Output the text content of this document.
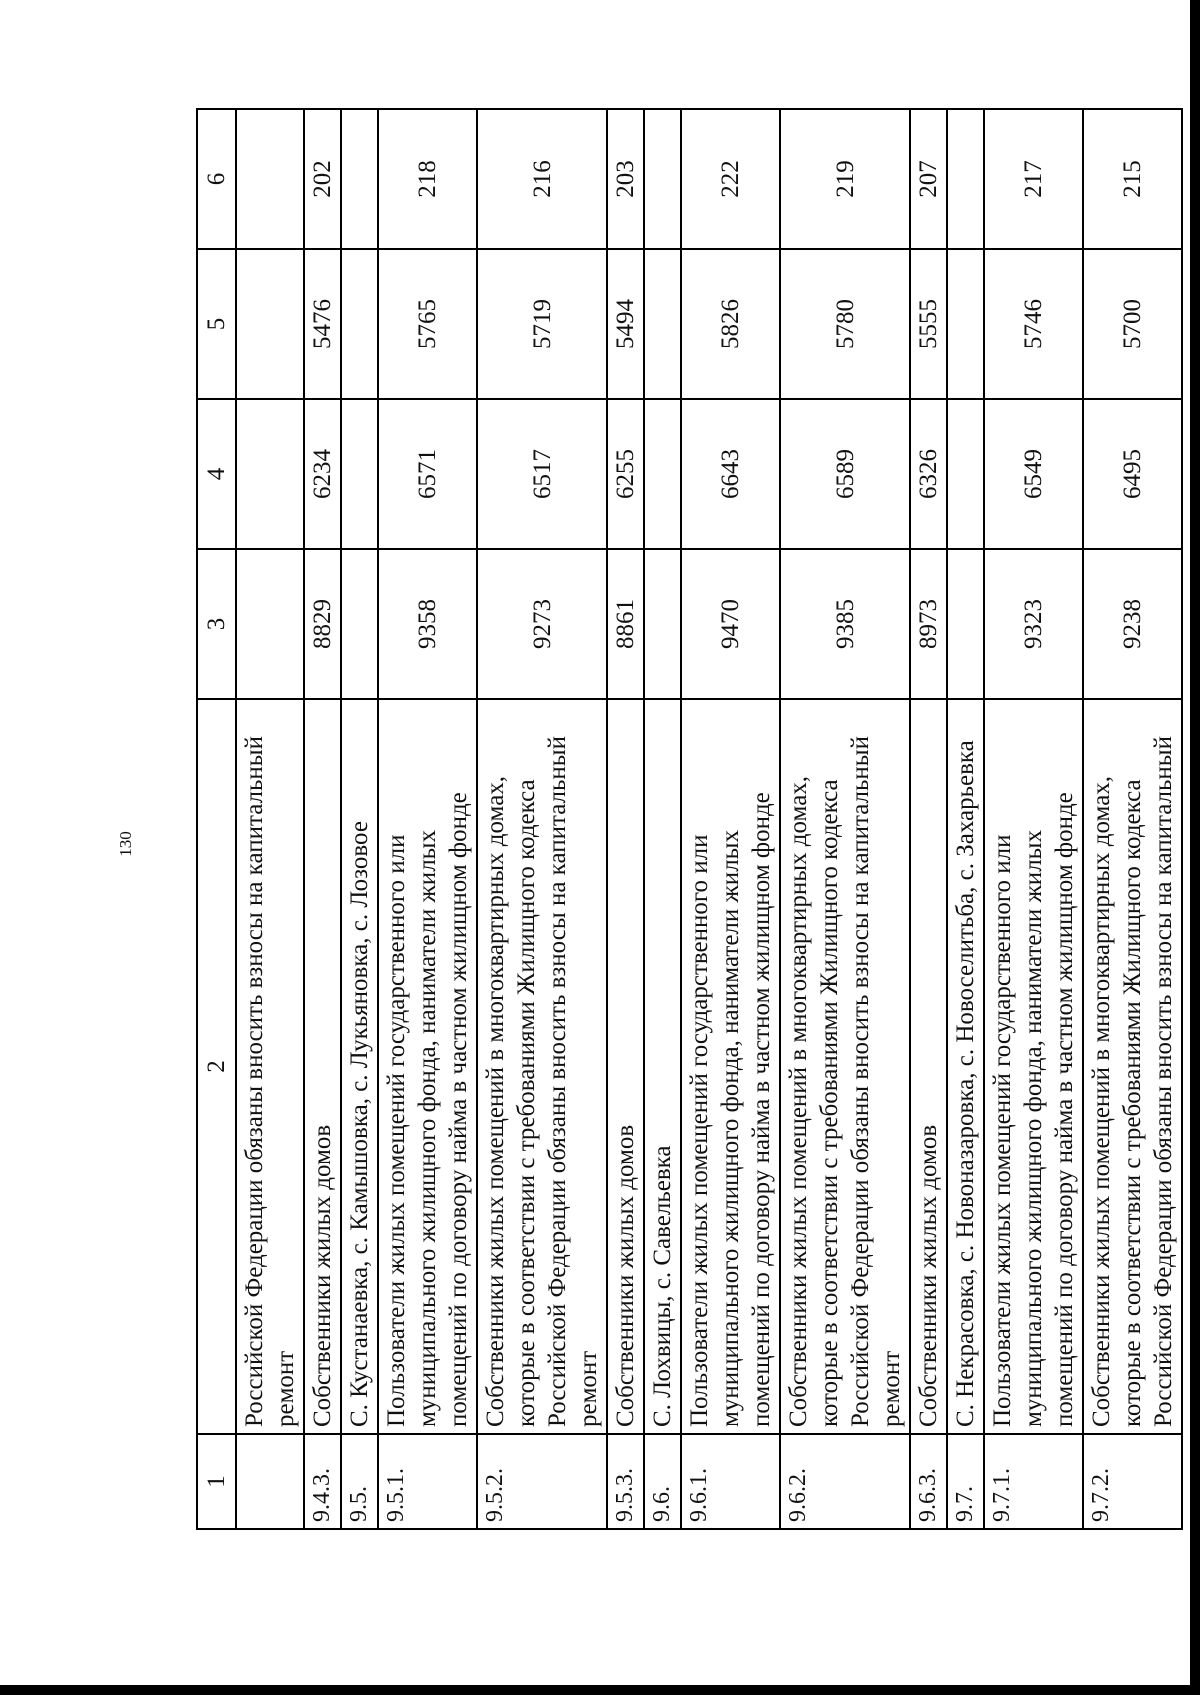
130
1	2	3	4	5	6
	Российской Федерации обязаны вносить взносы на капитальный ремонт				
9.4.3.	Собственники жилых домов	8829	6234	5476	202
9.5.	С. Кустанаевка, с. Камышовка, с. Лукьяновка, с. Лозовое				
9.5.1.	Пользователи жилых помещений государственного или муниципального жилищного фонда, наниматели жилых помещений по договору найма в частном жилищном фонде	9358	6571	5765	218
9.5.2.	Собственники жилых помещений в многоквартирных домах, которые в соответствии с требованиями Жилищного кодекса Российской Федерации обязаны вносить взносы на капитальный ремонт	9273	6517	5719	216
9.5.3.	Собственники жилых домов	8861	6255	5494	203
9.6.	С. Лохвицы, с. Савельевка				
9.6.1.	Пользователи жилых помещений государственного или муниципального жилищного фонда, наниматели жилых помещений по договору найма в частном жилищном фонде	9470	6643	5826	222
9.6.2.	Собственники жилых помещений в многоквартирных домах, которые в соответствии с требованиями Жилищного кодекса Российской Федерации обязаны вносить взносы на капитальный ремонт	9385	6589	5780	219
9.6.3.	Собственники жилых домов	8973	6326	5555	207
9.7.	С. Некрасовка, с. Новоназаровка, с. Новоселитьба, с. Захарьевка				
9.7.1.	Пользователи жилых помещений государственного или муниципального жилищного фонда, наниматели жилых помещений по договору найма в частном жилищном фонде	9323	6549	5746	217
9.7.2.	Собственники жилых помещений в многоквартирных домах, которые в соответствии с требованиями Жилищного кодекса Российской Федерации обязаны вносить взносы на капитальный	9238	6495	5700	215
